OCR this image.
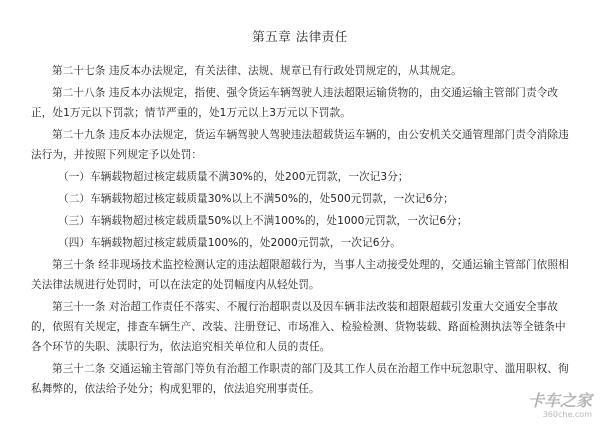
第五章 法律责任
第二十七条 违反本办法规定，有关法律、法规、规章已有行政处罚规定的，从其规定。
第二十八条 违反本办法规定，指使、强令货运车辆驾驶人违法超限运输货物的，由交通运输主管部门责令改
正，处1万元以下罚款；情节严重的，处1万元以上3万元以下罚款。
第二十九条 违反本办法规定，货运车辆驾驶人驾驶违法超载货运车辆的，由公安机关交通管理部门责令消除违
法行为，并按照下列规定予以处罚：
（一）车辆载物超过核定载质量不满30%的，处200元罚款，一次记3分；
（二）车辆载物超过核定载质量30%以上不满50%的，处500元罚款，一次记6分；
（三）车辆载物超过核定载质量50%以上不满100%的，处1000元罚款，一次记6分；
（四）车辆载物超过核定载质量100%的，处2000元罚款，一次记6分。
第三十条 经非现场技术监控检测认定的违法超限超载行为，当事人主动接受处理的，交通运输主管部门依照相
关法律法规进行处罚时，可以在法定的处罚幅度内从轻处罚。
第三十一条 对治超工作责任不落实、不履行治超职责以及因车辆非法改装和超限超载引发重大交通安全事故
的，依照有关规定，排查车辆生产、改装、注册登记、市场准入、检验检测、货物装载、路面检测执法等全链条中
各个环节的失职、渎职行为，依法追究相关单位和人员的责任。
第三十二条 交通运输主管部门等负有治超工作职责的部门及其工作人员在治超工作中玩忽职守、滥用职权、徇
私舞弊的，依法给予处分；构成犯罪的，依法追究刑事责任。
卡车之家
360che.com
